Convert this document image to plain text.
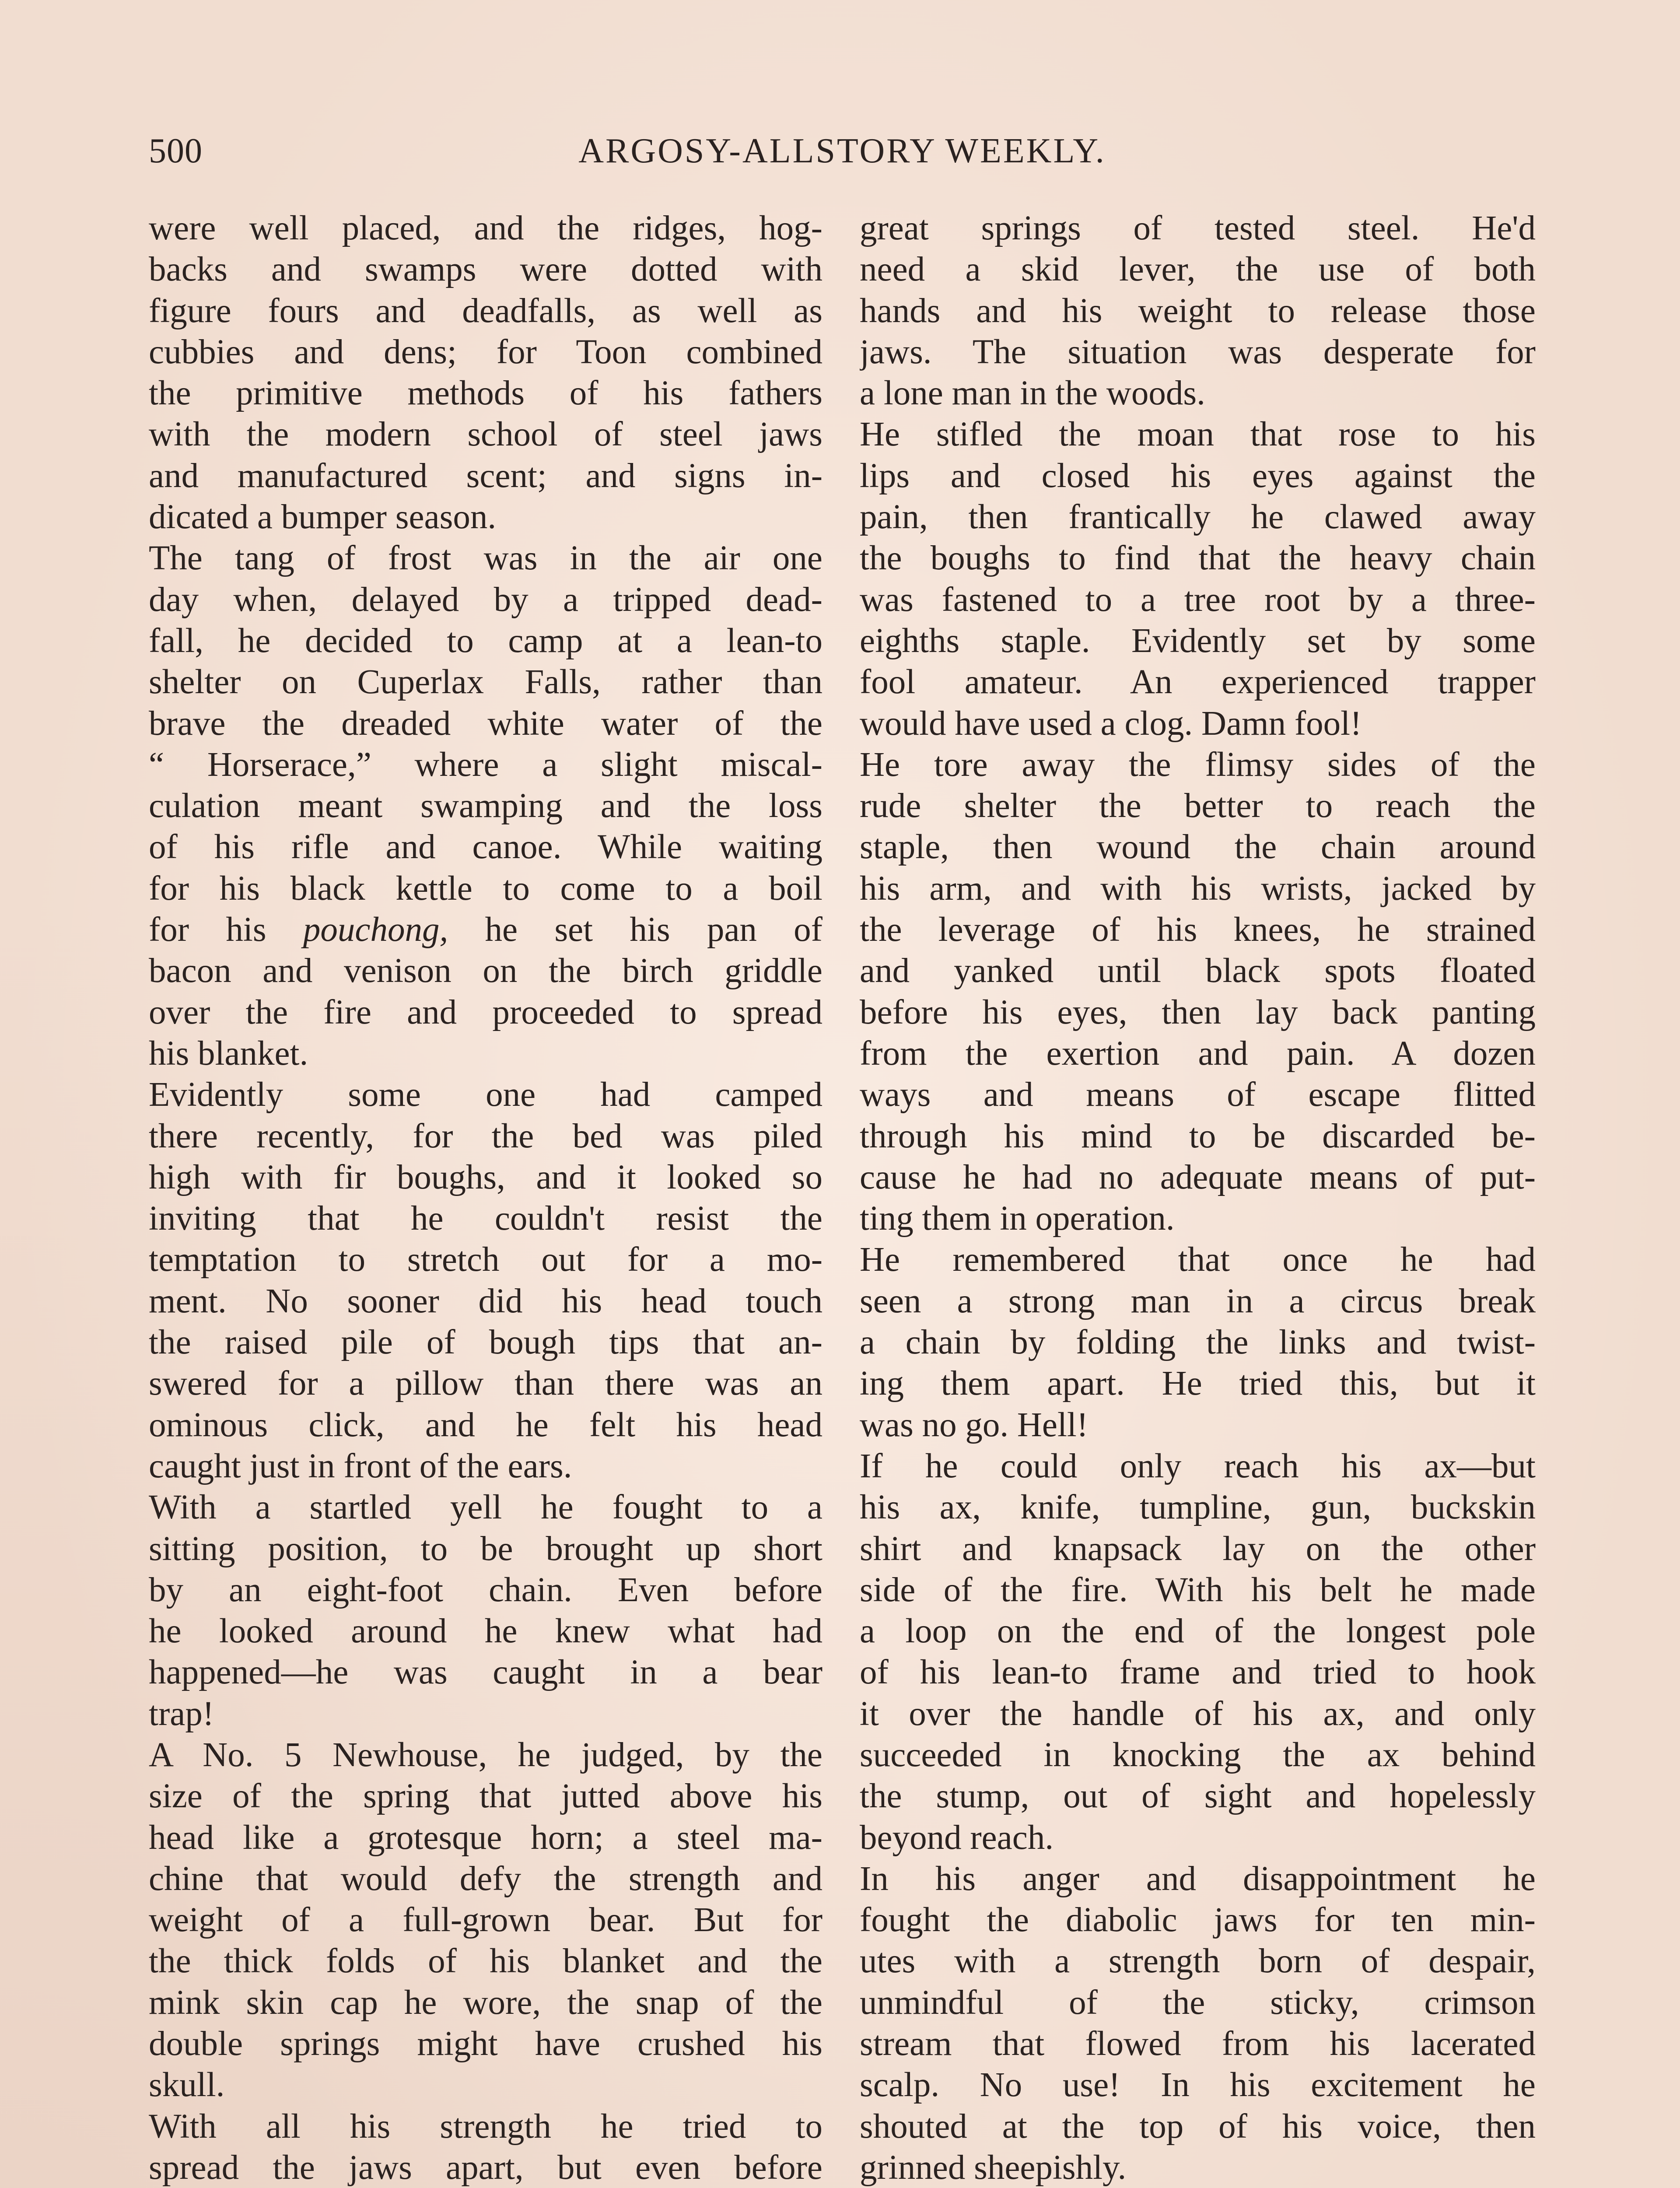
500	ARGOSY-ALLSTORY WEEKLY.
were well placed, and the ridges, hog-
backs and swamps were dotted with
figure fours and deadfalls, as well as
cubbies and dens; for Toon combined
the primitive methods of his fathers
with the modern school of steel jaws
and manufactured scent; and signs in-
dicated a bumper season.
The tang of frost was in the air one
day when, delayed by a tripped dead-
fall, he decided to camp at a lean-to
shelter on Cuperlax Falls, rather than
brave the dreaded white water of the
“ Horserace,” where a slight miscal-
culation meant swamping and the loss
of his rifle and canoe. While waiting
for his black kettle to come to a boil
for his pouchong, he set his pan of
bacon and venison on the birch griddle
over the fire and proceeded to spread
his blanket.
Evidently some one had camped
there recently, for the bed was piled
high with fir boughs, and it looked so
inviting that he couldn't resist the
temptation to stretch out for a mo-
ment. No sooner did his head touch
the raised pile of bough tips that an-
swered for a pillow than there was an
ominous click, and he felt his head
caught just in front of the ears.
With a startled yell he fought to a
sitting position, to be brought up short
by an eight-foot chain. Even before
he looked around he knew what had
happened—he was caught in a bear
trap!
A No. 5 Newhouse, he judged, by the
size of the spring that jutted above his
head like a grotesque horn; a steel ma-
chine that would defy the strength and
weight of a full-grown bear. But for
the thick folds of his blanket and the
mink skin cap he wore, the snap of the
double springs might have crushed his
skull.
With all his strength he tried to
spread the jaws apart, but even before
great springs of tested steel. He'd
need a skid lever, the use of both
hands and his weight to release those
jaws. The situation was desperate for
a lone man in the woods.
He stifled the moan that rose to his
lips and closed his eyes against the
pain, then frantically he clawed away
the boughs to find that the heavy chain
was fastened to a tree root by a three-
eighths staple. Evidently set by some
fool amateur. An experienced trapper
would have used a clog. Damn fool!
He tore away the flimsy sides of the
rude shelter the better to reach the
staple, then wound the chain around
his arm, and with his wrists, jacked by
the leverage of his knees, he strained
and yanked until black spots floated
before his eyes, then lay back panting
from the exertion and pain. A dozen
ways and means of escape flitted
through his mind to be discarded be-
cause he had no adequate means of put-
ting them in operation.
He remembered that once he had
seen a strong man in a circus break
a chain by folding the links and twist-
ing them apart. He tried this, but it
was no go. Hell!
If he could only reach his ax—but
his ax, knife, tumpline, gun, buckskin
shirt and knapsack lay on the other
side of the fire. With his belt he made
a loop on the end of the longest pole
of his lean-to frame and tried to hook
it over the handle of his ax, and only
succeeded in knocking the ax behind
the stump, out of sight and hopelessly
beyond reach.
In his anger and disappointment he
fought the diabolic jaws for ten min-
utes with a strength born of despair,
unmindful of the sticky, crimson
stream that flowed from his lacerated
scalp. No use! In his excitement he
shouted at the top of his voice, then
grinned sheepishly.
